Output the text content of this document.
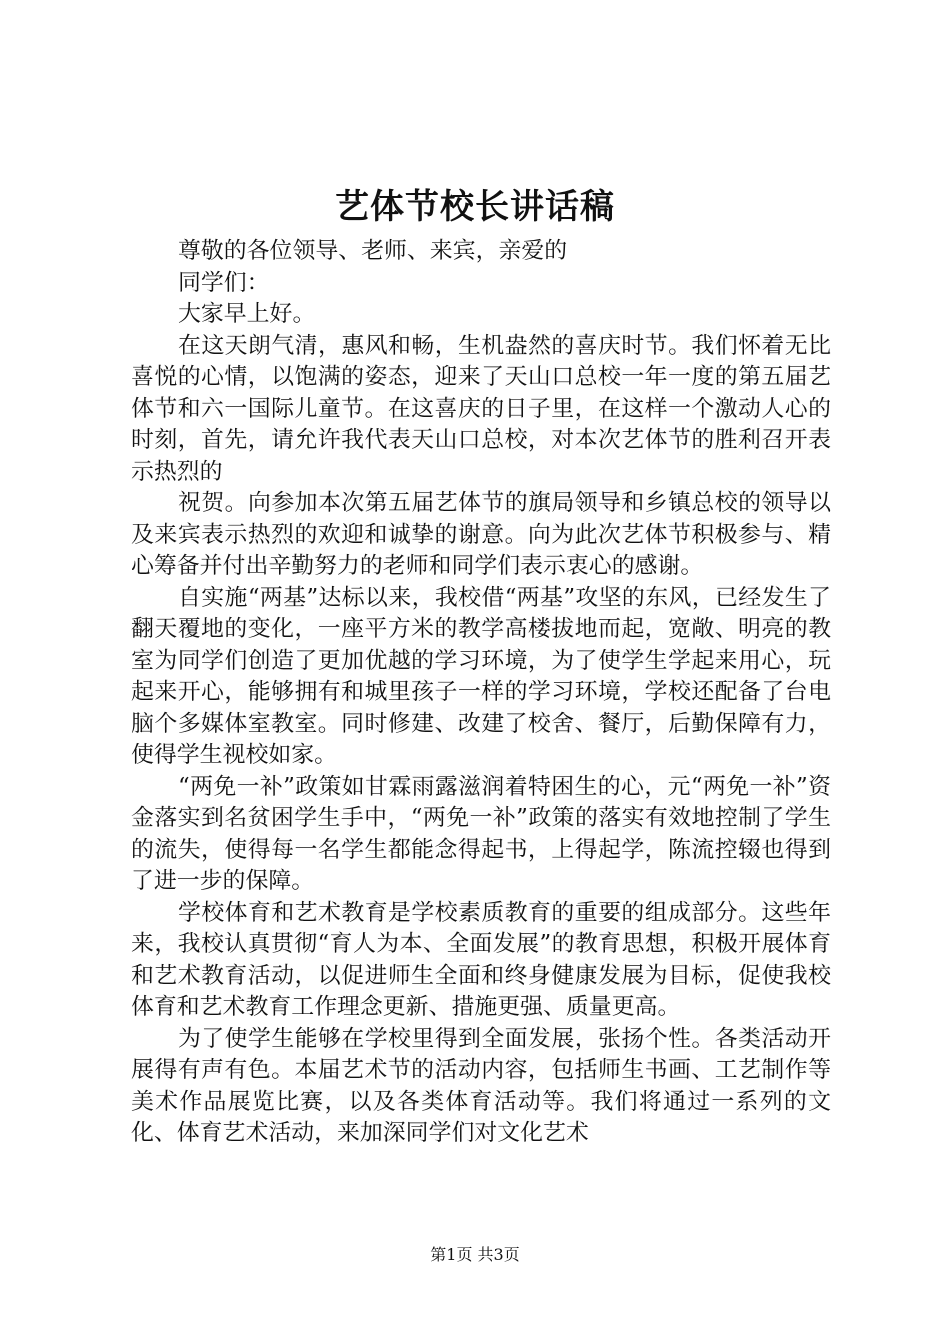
艺体节校长讲话稿

尊敬的各位领导、老师、来宾，亲爱的

同学们：

大家早上好。

在这天朗气清，惠风和畅，生机盎然的喜庆时节。我们怀着无比喜悦的心情，以饱满的姿态，迎来了天山口总校一年一度的第五届艺体节和六一国际儿童节。在这喜庆的日子里，在这样一个激动人心的时刻，首先，请允许我代表天山口总校，对本次艺体节的胜利召开表示热烈的

祝贺。向参加本次第五届艺体节的旗局领导和乡镇总校的领导以及来宾表示热烈的欢迎和诚挚的谢意。向为此次艺体节积极参与、精心筹备并付出辛勤努力的老师和同学们表示衷心的感谢。

自实施“两基”达标以来，我校借“两基”攻坚的东风，已经发生了翻天覆地的变化，一座平方米的教学高楼拔地而起，宽敞、明亮的教室为同学们创造了更加优越的学习环境，为了使学生学起来用心，玩起来开心，能够拥有和城里孩子一样的学习环境，学校还配备了台电脑个多媒体室教室。同时修建、改建了校舍、餐厅，后勤保障有力，使得学生视校如家。

“两免一补”政策如甘霖雨露滋润着特困生的心，元“两免一补”资金落实到名贫困学生手中，“两免一补”政策的落实有效地控制了学生的流失，使得每一名学生都能念得起书，上得起学，陈流控辍也得到了进一步的保障。

学校体育和艺术教育是学校素质教育的重要的组成部分。这些年来，我校认真贯彻“育人为本、全面发展”的教育思想，积极开展体育和艺术教育活动，以促进师生全面和终身健康发展为目标，促使我校体育和艺术教育工作理念更新、措施更强、质量更高。

为了使学生能够在学校里得到全面发展，张扬个性。各类活动开展得有声有色。本届艺术节的活动内容，包括师生书画、工艺制作等美术作品展览比赛，以及各类体育活动等。我们将通过一系列的文化、体育艺术活动，来加深同学们对文化艺术

第1页 共3页
